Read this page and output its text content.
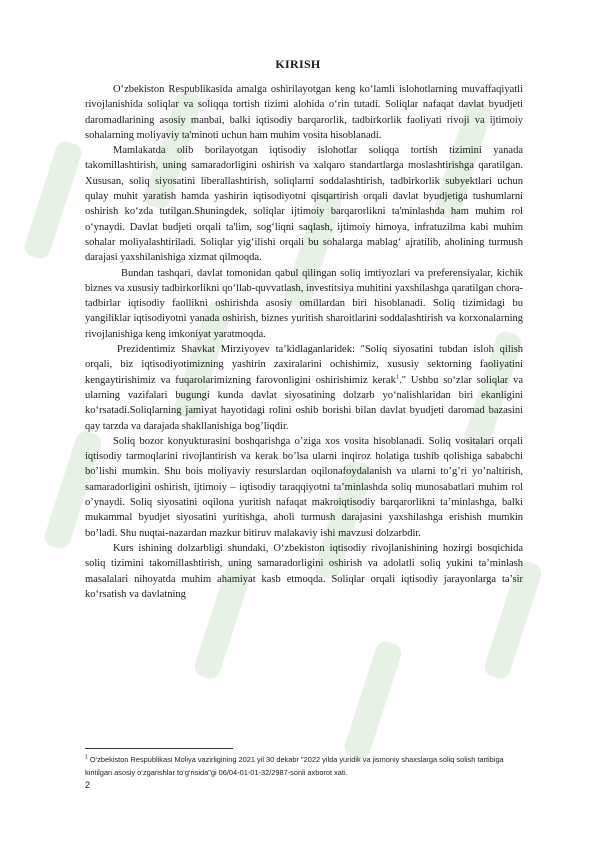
KIRISH

O‘zbekiston Respublikasida amalga oshirilayotgan keng ko‘lamli islohotlarning muvaffaqiyatli rivojlanishida soliqlar va soliqqa tortish tizimi alohida o‘rin tutadi. Soliqlar nafaqat davlat byudjeti daromadlarining asosiy manbai, balki iqtisodiy barqarorlik, tadbirkorlik faoliyati rivoji va ijtimoiy sohalarning moliyaviy ta'minoti uchun ham muhim vosita hisoblanadi.

Mamlakatda olib borilayotgan iqtisodiy islohotlar soliqqa tortish tizimini yanada takomillashtirish, uning samaradorligini oshirish va xalqaro standartlarga moslashtirishga qaratilgan. Xususan, soliq siyosatini liberallashtirish, soliqlarni soddalashtirish, tadbirkorlik subyektlari uchun qulay muhit yaratish hamda yashirin iqtisodiyotni qisqartirish orqali davlat byudjetiga tushumlarni oshirish ko‘zda tutilgan.Shuningdek, soliqlar ijtimoiy barqarorlikni ta'minlashda ham muhim rol o‘ynaydi. Davlat budjeti orqali ta'lim, sog‘liqni saqlash, ijtimoiy himoya, infratuzilma kabi muhim sohalar moliyalashtiriladi. Soliqlar yig‘ilishi orqali bu sohalarga mablag‘ ajratilib, aholining turmush darajasi yaxshilanishiga xizmat qilmoqda.

Bundan tashqari, davlat tomonidan qabul qilingan soliq imtiyozlari va preferensiyalar, kichik biznes va xususiy tadbirkorlikni qo‘llab-quvvatlash, investitsiya muhitini yaxshilashga qaratilgan chora-tadbirlar iqtisodiy faollikni oshirishda asosiy omillardan biri hisoblanadi. Soliq tizimidagi bu yangiliklar iqtisodiyotni yanada oshirish, biznes yuritish sharoitlarini soddalashtirish va korxonalarning rivojlanishiga keng imkoniyat yaratmoqda.

Prezidentimiz Shavkat Mirziyoyev ta’kidlaganlaridek: "Soliq siyosatini tubdan isloh qilish orqali, biz iqtisodiyotimizning yashirin zaxiralarini ochishimiz, xususiy sektorning faoliyatini kengaytirishimiz va fuqarolarimizning farovonligini oshirishimiz kerak$^1$." Ushbu so‘zlar soliqlar va ularning vazifalari bugungi kunda davlat siyosatining dolzarb yo‘nalishlaridan biri ekanligini ko‘rsatadi.Soliqlarning jamiyat hayotidagi rolini oshib borishi bilan davlat byudjeti daromad bazasini qay tarzda va darajada shakllanishiga bog’liqdir.

Soliq bozor konyukturasini boshqarishga o’ziga xos vosita hisoblanadi. Soliq vositalari orqali iqtisodiy tarmoqlarini rivojlantirish va kerak bo’lsa ularni inqiroz holatiga tushib qolishiga sababchi bo’lishi mumkin. Shu bois moliyaviy resurslardan oqilonafoydalanish va ularni to’g’ri yo’naltirish, samaradorligini oshirish, ijtimoiy – iqtisodiy taraqqiyotni ta’minlashda soliq munosabatlari muhim rol o’ynaydi. Soliq siyosatini oqilona yuritish nafaqat makroiqtisodiy barqarorlikni ta’minlashga, balki mukammal byudjet siyosatini yuritishga, aholi turmush darajasini yaxshilashga erishish mumkin bo’ladi. Shu nuqtai-nazardan mazkur bitiruv malakaviy ishi mavzusi dolzarbdir.

Kurs ishining dolzarbligi shundaki, O‘zbekiston iqtisodiy rivojlanishining hozirgi bosqichida soliq tizimini takomillashtirish, uning samaradorligini oshirish va adolatli soliq yukini ta’minlash masalalari nihoyatda muhim ahamiyat kasb etmoqda. Soliqlar orqali iqtisodiy jarayonlarga ta’sir ko‘rsatish va davlatning

$^1$ O‘zbekiston Respublikasi Moliya vazirligining 2021 yil 30 dekabr "2022 yilda yuridik va jismoniy shaxslarga soliq solish tartibiga kiritilgan asosiy o‘zgarishlar to‘g‘risida"gi 06/04-01-01-32/2987-sonli axborot xati.
2
